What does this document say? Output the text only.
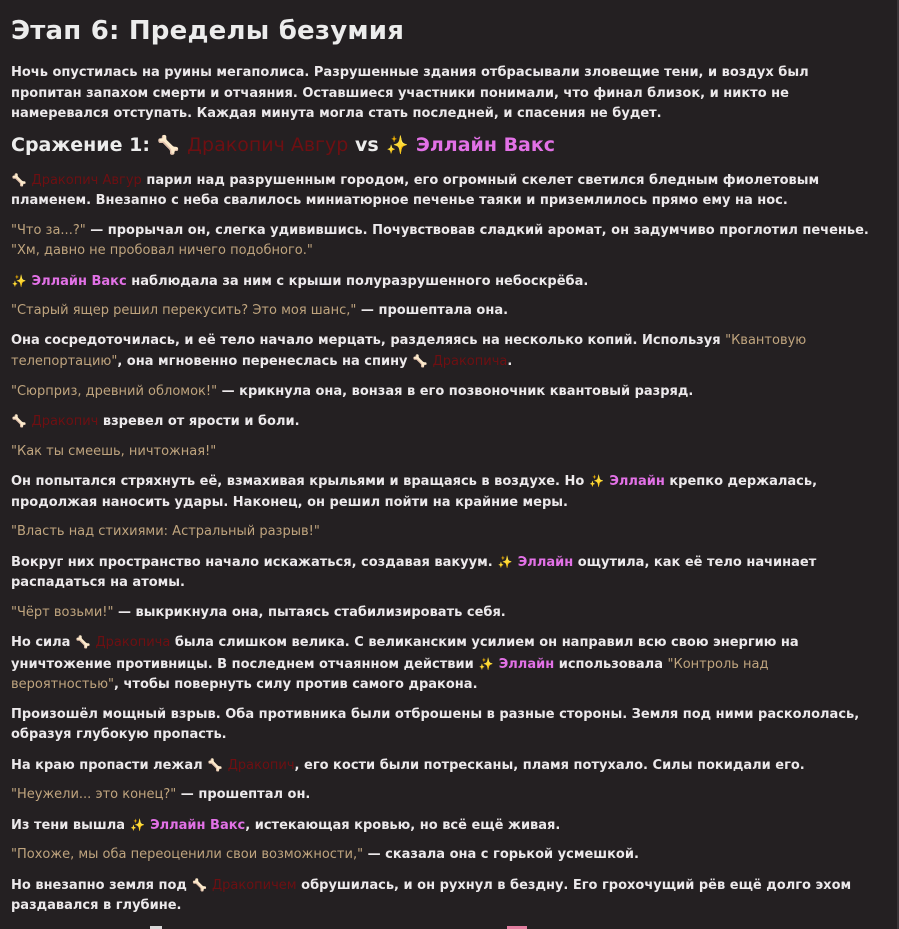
Этап 6: Пределы безумия

Ночь опустилась на руины мегаполиса. Разрушенные здания отбрасывали зловещие тени, и воздух был пропитан запахом смерти и отчаяния. Оставшиеся участники понимали, что финал близок, и никто не намеревался отступать. Каждая минута могла стать последней, и спасения не будет.

Сражение 1: 🦴 Дракопич Авгур vs ✨ Эллайн Вакс

🦴 Дракопич Авгур парил над разрушенным городом, его огромный скелет светился бледным фиолетовым пламенем. Внезапно с неба свалилось миниатюрное печенье таяки и приземлилось прямо ему на нос.

"Что за...?" — прорычал он, слегка удивившись. Почувствовав сладкий аромат, он задумчиво проглотил печенье. "Хм, давно не пробовал ничего подобного."

✨ Эллайн Вакс наблюдала за ним с крыши полуразрушенного небоскрёба.

"Старый ящер решил перекусить? Это моя шанс," — прошептала она.

Она сосредоточилась, и её тело начало мерцать, разделяясь на несколько копий. Используя "Квантовую телепортацию", она мгновенно перенеслась на спину 🦴 Дракопича.

"Сюрприз, древний обломок!" — крикнула она, вонзая в его позвоночник квантовый разряд.

🦴 Дракопич взревел от ярости и боли.

"Как ты смеешь, ничтожная!"

Он попытался стряхнуть её, взмахивая крыльями и вращаясь в воздухе. Но ✨ Эллайн крепко держалась, продолжая наносить удары. Наконец, он решил пойти на крайние меры.

"Власть над стихиями: Астральный разрыв!"

Вокруг них пространство начало искажаться, создавая вакуум. ✨ Эллайн ощутила, как её тело начинает распадаться на атомы.

"Чёрт возьми!" — выкрикнула она, пытаясь стабилизировать себя.

Но сила 🦴 Дракопича была слишком велика. С великанским усилием он направил всю свою энергию на уничтожение противницы. В последнем отчаянном действии ✨ Эллайн использовала "Контроль над вероятностью", чтобы повернуть силу против самого дракона.

Произошёл мощный взрыв. Оба противника были отброшены в разные стороны. Земля под ними раскололась, образуя глубокую пропасть.

На краю пропасти лежал 🦴 Дракопич, его кости были потресканы, пламя потухало. Силы покидали его.

"Неужели... это конец?" — прошептал он.

Из тени вышла ✨ Эллайн Вакс, истекающая кровью, но всё ещё живая.

"Похоже, мы оба переоценили свои возможности," — сказала она с горькой усмешкой.

Но внезапно земля под 🦴 Дракопичем обрушилась, и он рухнул в бездну. Его грохочущий рёв ещё долго эхом раздавался в глубине.
